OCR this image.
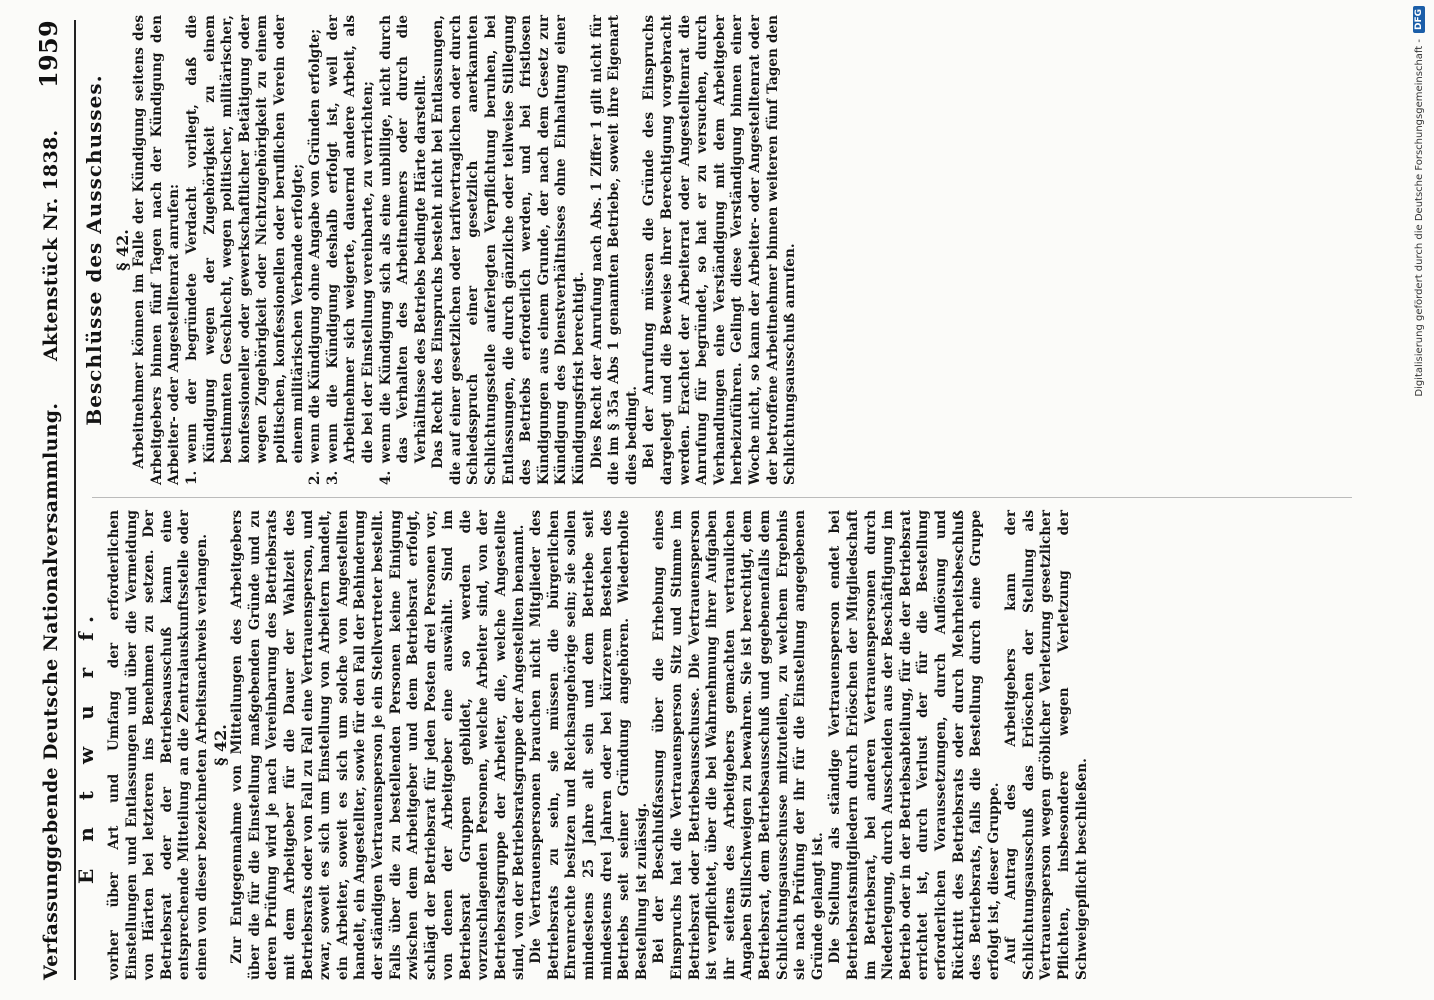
Verfassunggebende Deutsche Nationalversammlung.
Aktenstück Nr. 1838.
1959

vorher über Art und Umfang der erforderlichen Einstellungen und Entlassungen und über die Vermeidung von Härten bei letzteren ins Benehmen zu setzen. Der Betriebsrat oder der Betriebsausschuß kann eine entsprechende Mitteilung an die Zentralauskunftsstelle oder einen von dieser bezeichneten Arbeitsnachweis verlangen. § 42. Zur Entgegennahme von Mitteilungen des Arbeitgebers über die für die Einstellung maßgebenden Gründe und zu deren Prüfung wird je nach Vereinbarung des Betriebsrats mit dem Arbeitgeber für die Dauer der Wahlzeit des Betriebsrats oder von Fall zu Fall eine Vertrauensperson, und zwar, soweit es sich um Einstellung von Arbeitern handelt, ein Arbeiter, soweit es sich um solche von Angestellten handelt, ein Angestellter, sowie für den Fall der Behinderung der ständigen Vertrauensperson je ein Stellvertreter bestellt. Falls über die zu bestellenden Personen keine Einigung zwischen dem Arbeitgeber und dem Betriebsrat erfolgt, schlägt der Betriebsrat für jeden Posten drei Personen vor, von denen der Arbeitgeber eine auswählt. Sind im Betriebsrat Gruppen gebildet, so werden die vorzuschlagenden Personen, welche Arbeiter sind, von der Betriebsratsgruppe der Arbeiter, die, welche Angestellte sind, von der Betriebsratsgruppe der Angestellten benannt. Die Vertrauenspersonen brauchen nicht Mitglieder des Betriebsrats zu sein, sie müssen die bürgerlichen Ehrenrechte besitzen und Reichsangehörige sein; sie sollen mindestens 25 Jahre alt sein und dem Betriebe seit mindestens drei Jahren oder bei kürzerem Bestehen des Betriebs seit seiner Gründung angehören. Wiederholte Bestellung ist zulässig. Bei der Beschlußfassung über die Erhebung eines Einspruchs hat die Vertrauensperson Sitz und Stimme im Betriebsrat oder Betriebsausschusse. Die Vertrauensperson ist verpflichtet, über die bei Wahrnehmung ihrer Aufgaben ihr seitens des Arbeitgebers gemachten vertraulichen Angaben Stillschweigen zu bewahren. Sie ist berechtigt, dem Betriebsrat, dem Betriebsausschuß und gegebenenfalls dem Schlichtungsausschusse mitzuteilen, zu welchem Ergebnis sie nach Prüfung der ihr für die Einstellung angegebenen Gründe gelangt ist. Die Stellung als ständige Vertrauensperson endet bei Betriebsratsmitgliedern durch Erlöschen der Mitgliedschaft im Betriebsrat, bei anderen Vertrauenspersonen durch Niederlegung, durch Ausscheiden aus der Beschäftigung im Betrieb oder in der Betriebsabteilung, für die der Betriebsrat errichtet ist, durch Verlust der für die Bestellung erforderlichen Voraussetzungen, durch Auflösung und Rücktritt des Betriebsrats oder durch Mehrheitsbeschluß des Betriebsrats, falls die Bestellung durch eine Gruppe erfolgt ist, dieser Gruppe. Auf Antrag des Arbeitgebers kann der Schlichtungsausschuß das Erlöschen der Stellung als Vertrauensperson wegen gröblicher Verletzung gesetzlicher Pflichten, insbesondere wegen Verletzung der Schweigepflicht beschließen.

Beschlüsse des Ausschusses. § 42. Arbeitnehmer können im Falle der Kündigung seitens des Arbeitgebers binnen fünf Tagen nach der Kündigung den Arbeiter- oder Angestelltenrat anrufen: 1.
wenn der begründete Verdacht vorliegt, daß die Kündigung wegen der Zugehörigkeit zu einem bestimmten Geschlecht, wegen politischer, militärischer, konfessioneller oder gewerkschaftlicher Betätigung oder wegen Zugehörigkeit oder Nichtzugehörigkeit zu einem politischen, konfessionellen oder beruflichen Verein oder einem militärischen Verbande erfolgte;
2.
wenn die Kündigung ohne Angabe von Gründen erfolgte;
3.
wenn die Kündigung deshalb erfolgt ist, weil der Arbeitnehmer sich weigerte, dauernd andere Arbeit, als die bei der Einstellung vereinbarte, zu verrichten;
4.
wenn die Kündigung sich als eine unbillige, nicht durch das Verhalten des Arbeitnehmers oder durch die Verhältnisse des Betriebs bedingte Härte darstellt. Das Recht des Einspruchs besteht nicht bei Entlassungen, die auf einer gesetzlichen oder tarifvertraglichen oder durch Schiedsspruch einer gesetzlich anerkannten Schlichtungsstelle auferlegten Verpflichtung beruhen, bei Entlassungen, die durch gänzliche oder teilweise Stillegung des Betriebs erforderlich werden, und bei fristlosen Kündigungen aus einem Grunde, der nach dem Gesetz zur Kündigung des Dienstverhältnisses ohne Einhaltung einer Kündigungsfrist berechtigt. Dies Recht der Anrufung nach Abs. 1 Ziffer 1 gilt nicht für die im § 35a Abs 1 genannten Betriebe, soweit ihre Eigenart dies bedingt. Bei der Anrufung müssen die Gründe des Einspruchs dargelegt und die Beweise ihrer Berechtigung vorgebracht werden. Erachtet der Arbeiterrat oder Angestelltenrat die Anrufung für begründet, so hat er zu versuchen, durch Verhandlungen eine Verständigung mit dem Arbeitgeber herbeizuführen. Gelingt diese Verständigung binnen einer Woche nicht, so kann der Arbeiter- oder Angestelltenrat oder der betroffene Arbeitnehmer binnen weiteren fünf Tagen den Schlichtungsausschuß anrufen.

E n t w u r f.
Digitalisierung gefördert durch die Deutsche Forschungsgemeinschaft -
DFG
